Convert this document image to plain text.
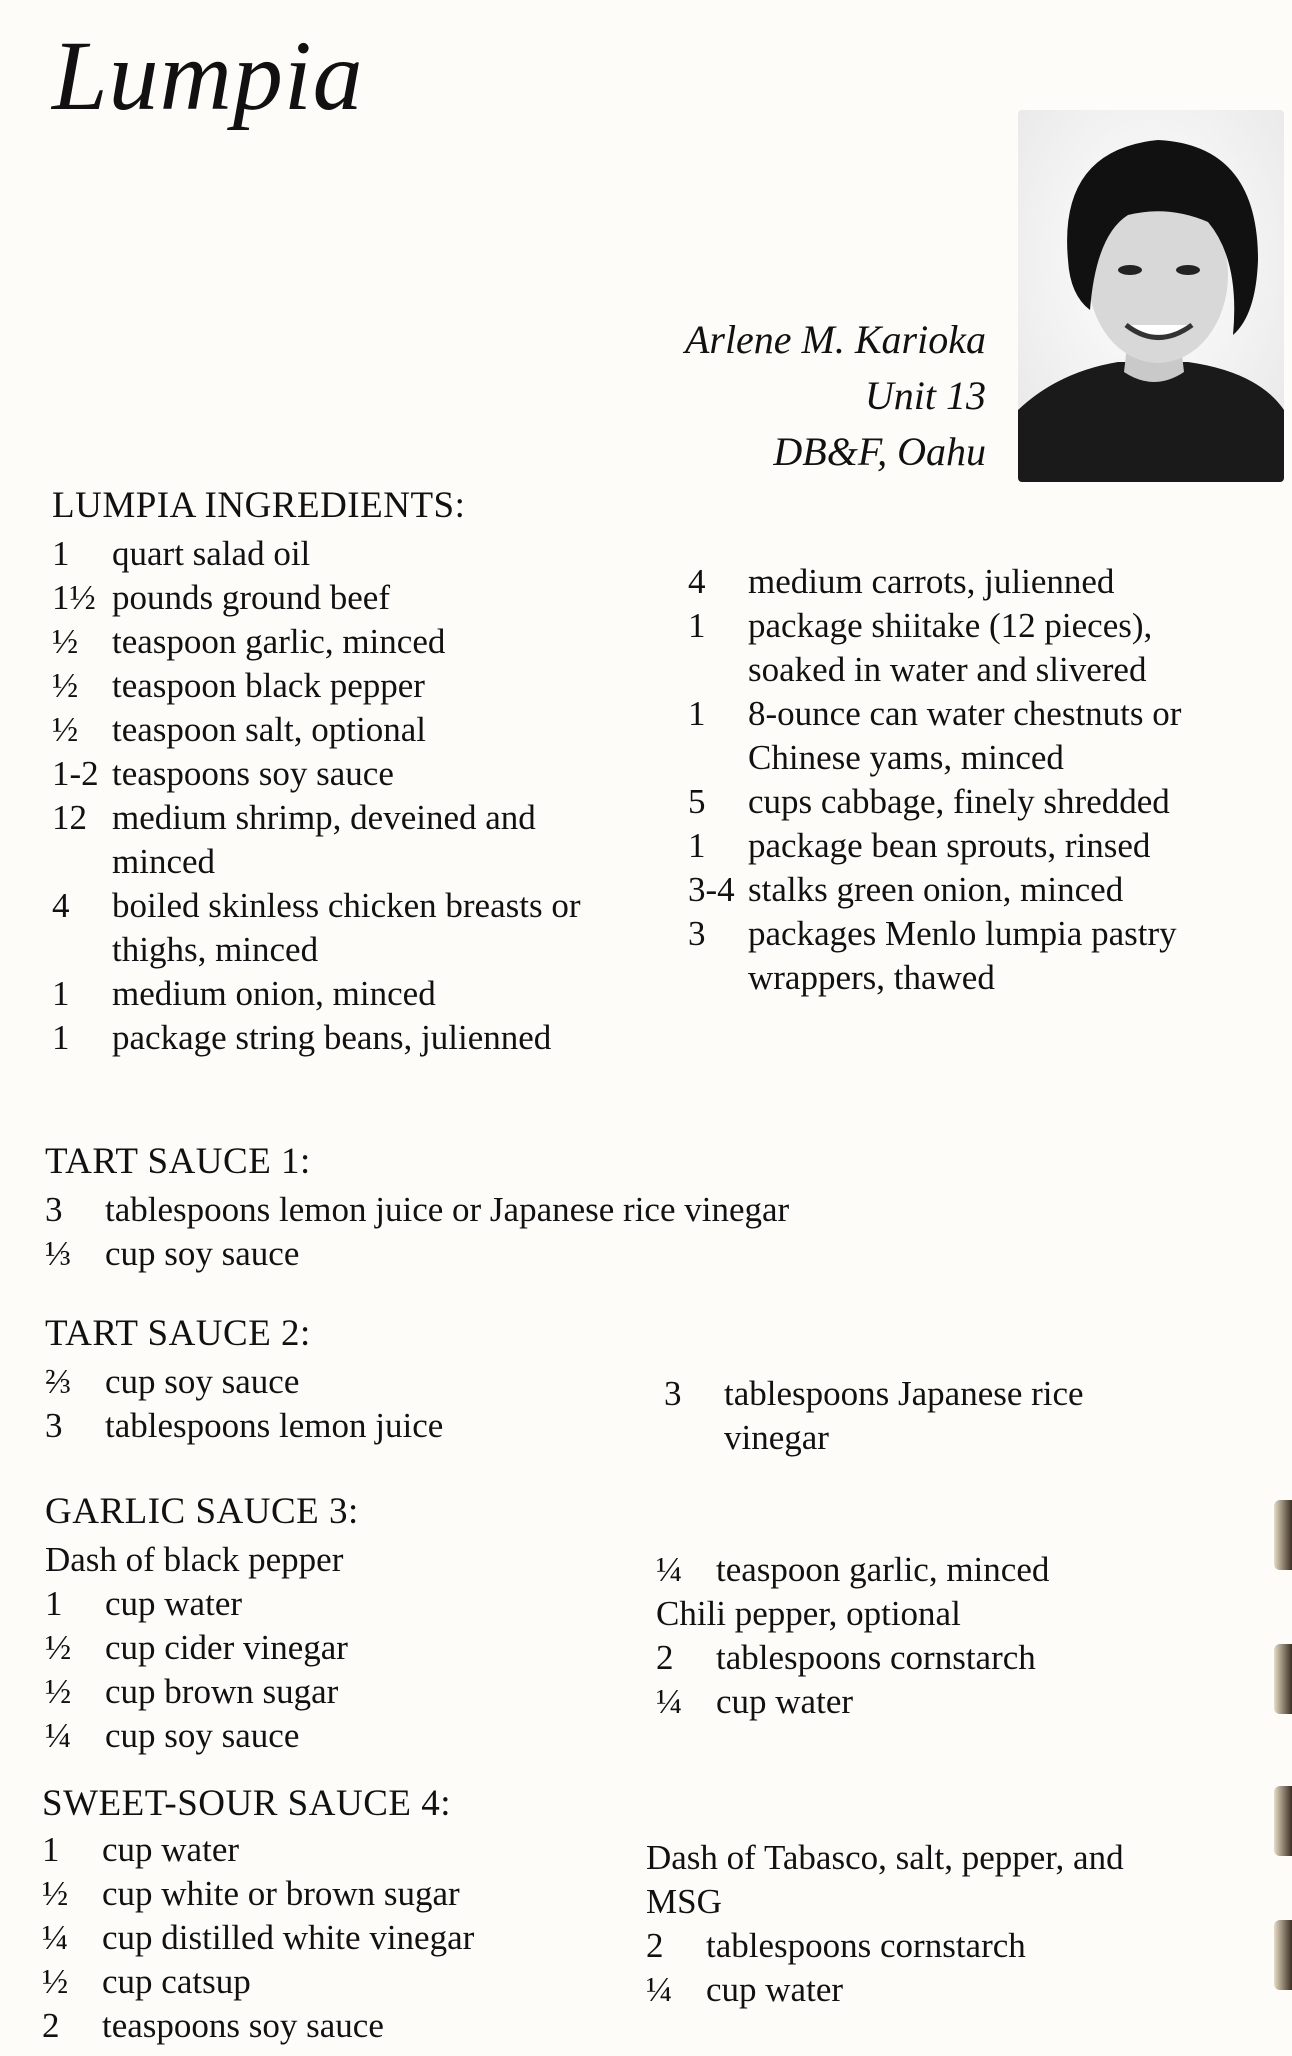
Lumpia
Arlene M. Karioka
Unit 13
DB&F, Oahu
LUMPIA INGREDIENTS:
1	quart salad oil
1½ pounds ground beef
½ teaspoon garlic, minced
½ teaspoon black pepper
½ teaspoon salt, optional
1-2 teaspoons soy sauce
12 medium shrimp, deveined and minced
4	boiled skinless chicken breasts or thighs, minced
1	medium onion, minced
1	package string beans, julienned
4	medium carrots, julienned
1	package shiitake (12 pieces), soaked in water and slivered
1	8-ounce can water chestnuts or Chinese yams, minced
5	cups cabbage, finely shredded
1	package bean sprouts, rinsed
3-4 stalks green onion, minced
3	packages Menlo lumpia pastry wrappers, thawed
TART SAUCE 1:
3	tablespoons lemon juice or Japanese rice vinegar
⅓ cup soy sauce
TART SAUCE 2:
⅔ cup soy sauce
3	tablespoons lemon juice
3	tablespoons Japanese rice vinegar
GARLIC SAUCE 3:
Dash of black pepper
1	cup water
½ cup cider vinegar
½ cup brown sugar
¼ cup soy sauce
¼ teaspoon garlic, minced
Chili pepper, optional
2	tablespoons cornstarch
¼ cup water
SWEET-SOUR SAUCE 4:
1	cup water
½ cup white or brown sugar
¼ cup distilled white vinegar
½ cup catsup
2	teaspoons soy sauce
Dash of Tabasco, salt, pepper, and MSG
2	tablespoons cornstarch
¼ cup water
